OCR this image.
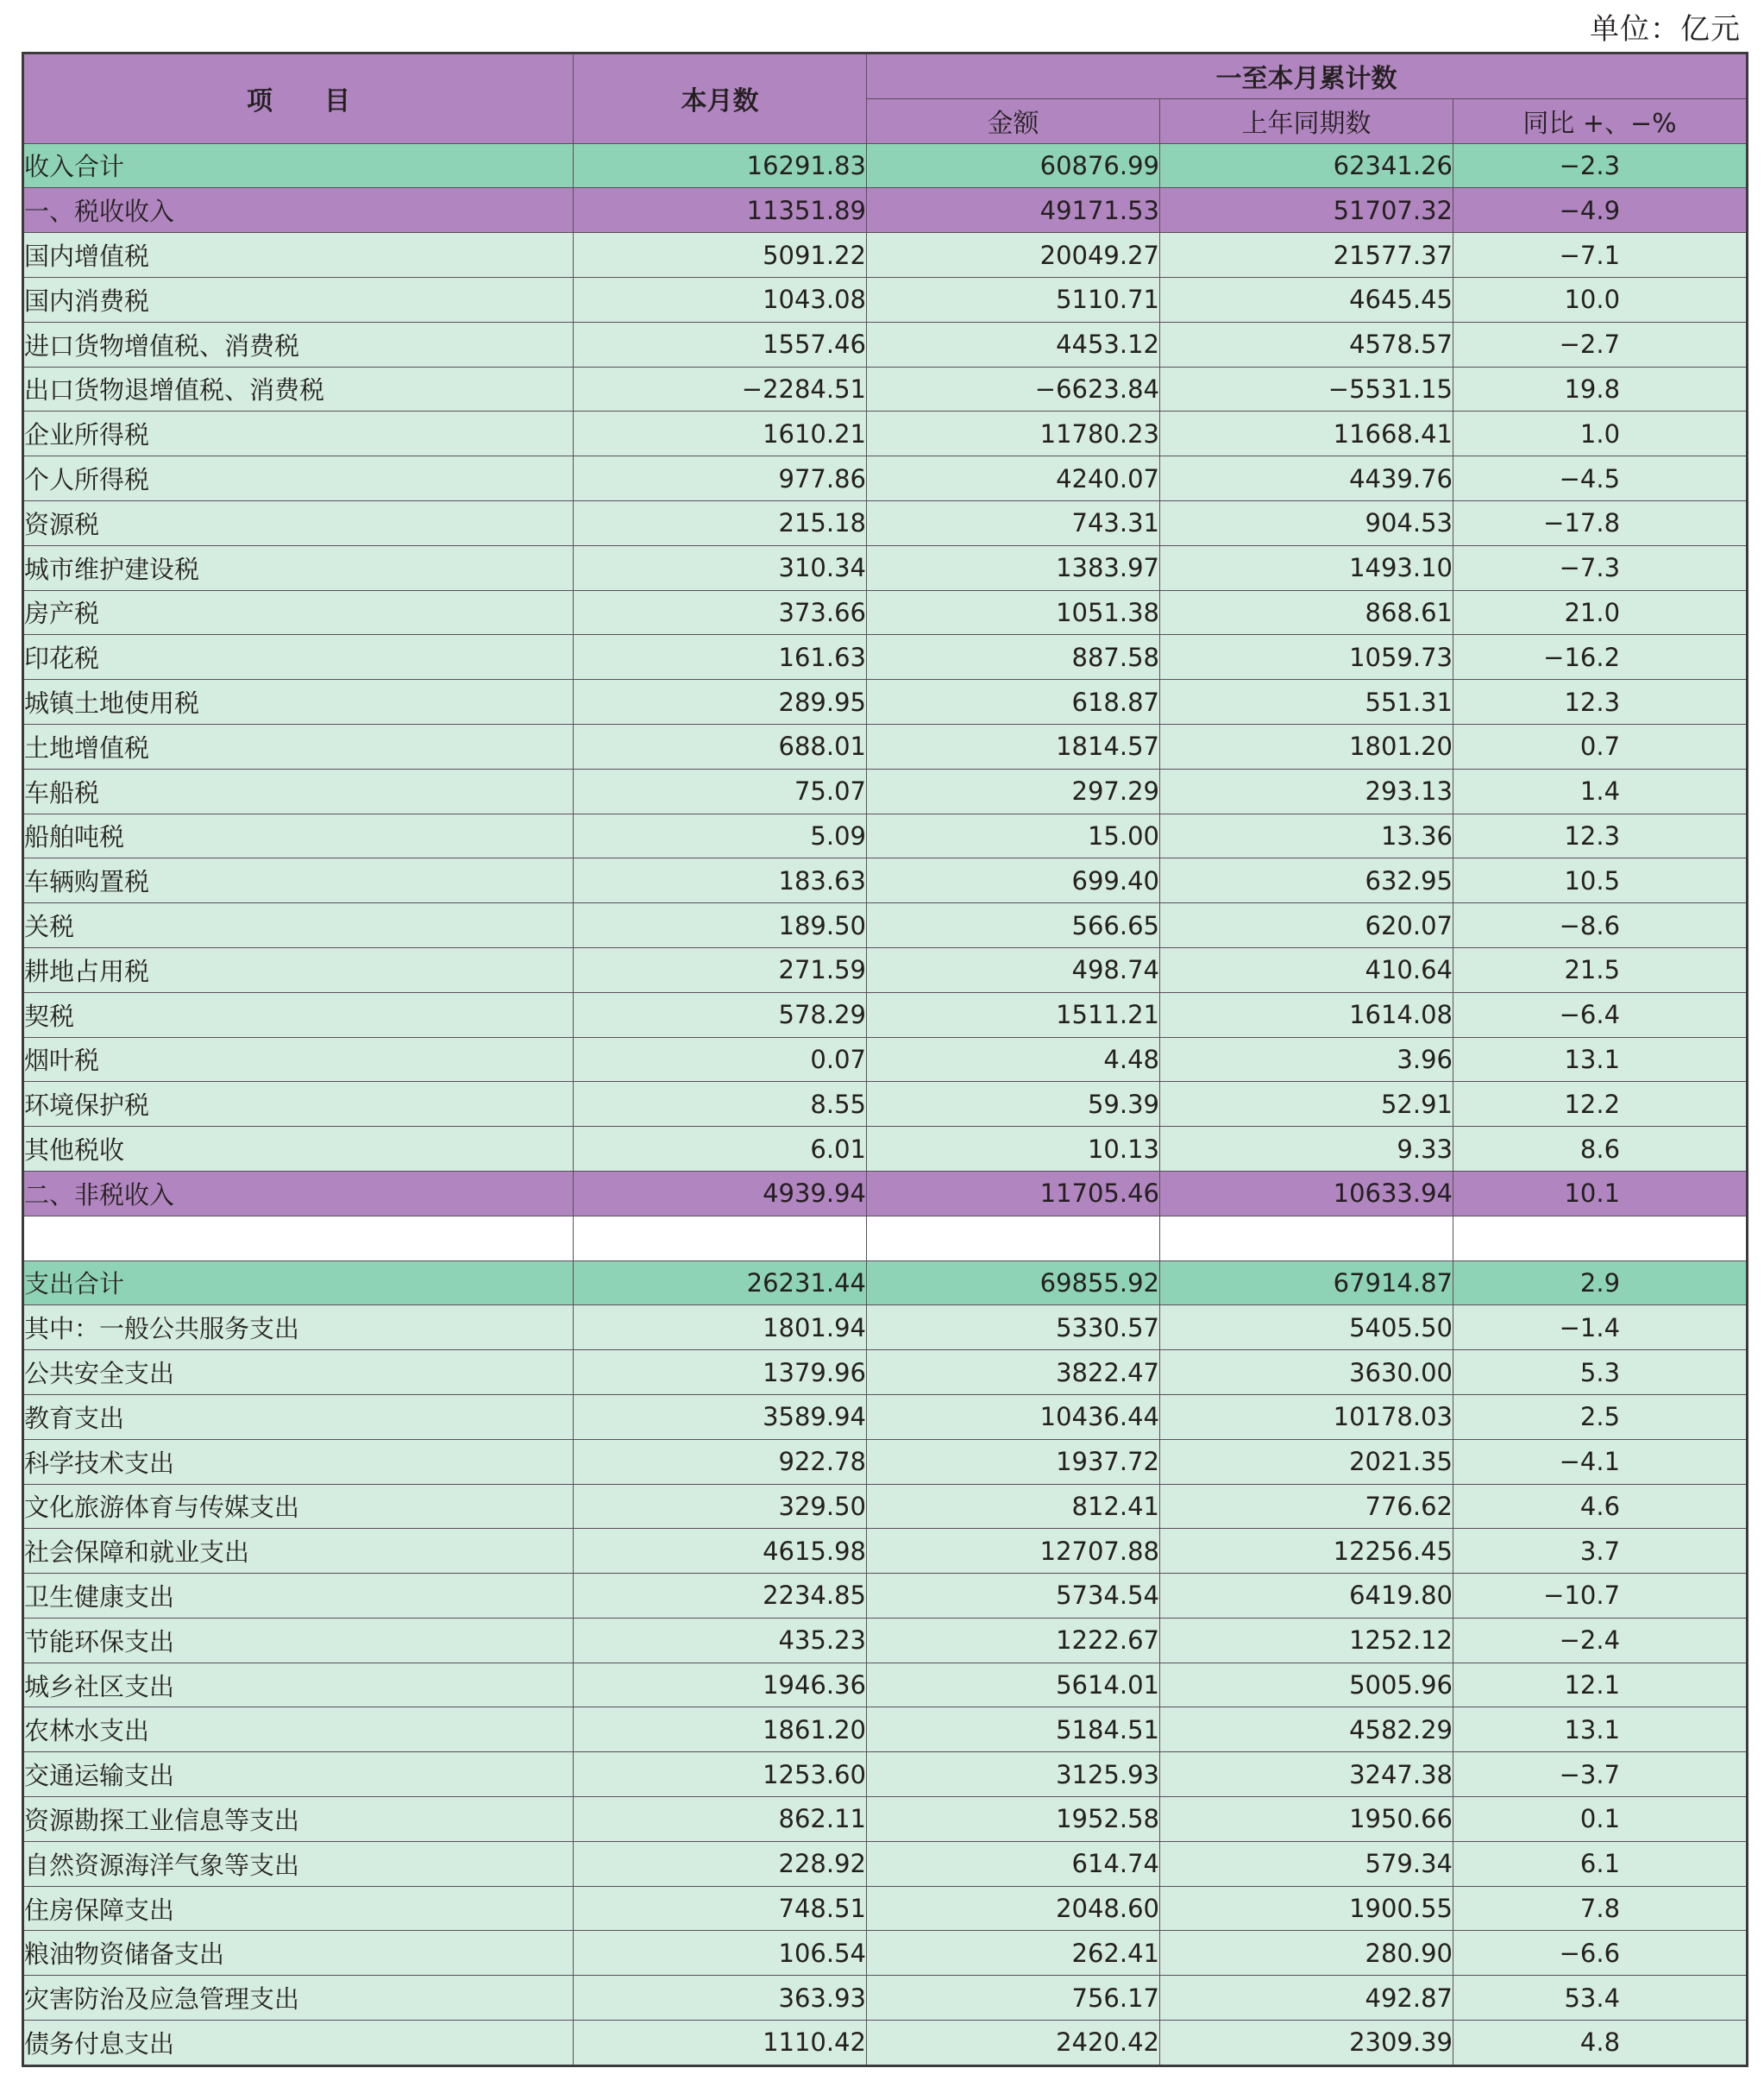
单位：亿元
项　　目	本月数	一至本月累计数		
		金额	上年同期数	同比 +、−%
收入合计	16291.83	60876.99	62341.26	−2.3
一、税收收入	11351.89	49171.53	51707.32	−4.9
国内增值税	5091.22	20049.27	21577.37	−7.1
国内消费税	1043.08	5110.71	4645.45	10.0
进口货物增值税、消费税	1557.46	4453.12	4578.57	−2.7
出口货物退增值税、消费税	−2284.51	−6623.84	−5531.15	19.8
企业所得税	1610.21	11780.23	11668.41	1.0
个人所得税	977.86	4240.07	4439.76	−4.5
资源税	215.18	743.31	904.53	−17.8
城市维护建设税	310.34	1383.97	1493.10	−7.3
房产税	373.66	1051.38	868.61	21.0
印花税	161.63	887.58	1059.73	−16.2
城镇土地使用税	289.95	618.87	551.31	12.3
土地增值税	688.01	1814.57	1801.20	0.7
车船税	75.07	297.29	293.13	1.4
船舶吨税	5.09	15.00	13.36	12.3
车辆购置税	183.63	699.40	632.95	10.5
关税	189.50	566.65	620.07	−8.6
耕地占用税	271.59	498.74	410.64	21.5
契税	578.29	1511.21	1614.08	−6.4
烟叶税	0.07	4.48	3.96	13.1
环境保护税	8.55	59.39	52.91	12.2
其他税收	6.01	10.13	9.33	8.6
二、非税收入	4939.94	11705.46	10633.94	10.1

支出合计	26231.44	69855.92	67914.87	2.9
其中：一般公共服务支出	1801.94	5330.57	5405.50	−1.4
公共安全支出	1379.96	3822.47	3630.00	5.3
教育支出	3589.94	10436.44	10178.03	2.5
科学技术支出	922.78	1937.72	2021.35	−4.1
文化旅游体育与传媒支出	329.50	812.41	776.62	4.6
社会保障和就业支出	4615.98	12707.88	12256.45	3.7
卫生健康支出	2234.85	5734.54	6419.80	−10.7
节能环保支出	435.23	1222.67	1252.12	−2.4
城乡社区支出	1946.36	5614.01	5005.96	12.1
农林水支出	1861.20	5184.51	4582.29	13.1
交通运输支出	1253.60	3125.93	3247.38	−3.7
资源勘探工业信息等支出	862.11	1952.58	1950.66	0.1
自然资源海洋气象等支出	228.92	614.74	579.34	6.1
住房保障支出	748.51	2048.60	1900.55	7.8
粮油物资储备支出	106.54	262.41	280.90	−6.6
灾害防治及应急管理支出	363.93	756.17	492.87	53.4
债务付息支出	1110.42	2420.42	2309.39	4.8
